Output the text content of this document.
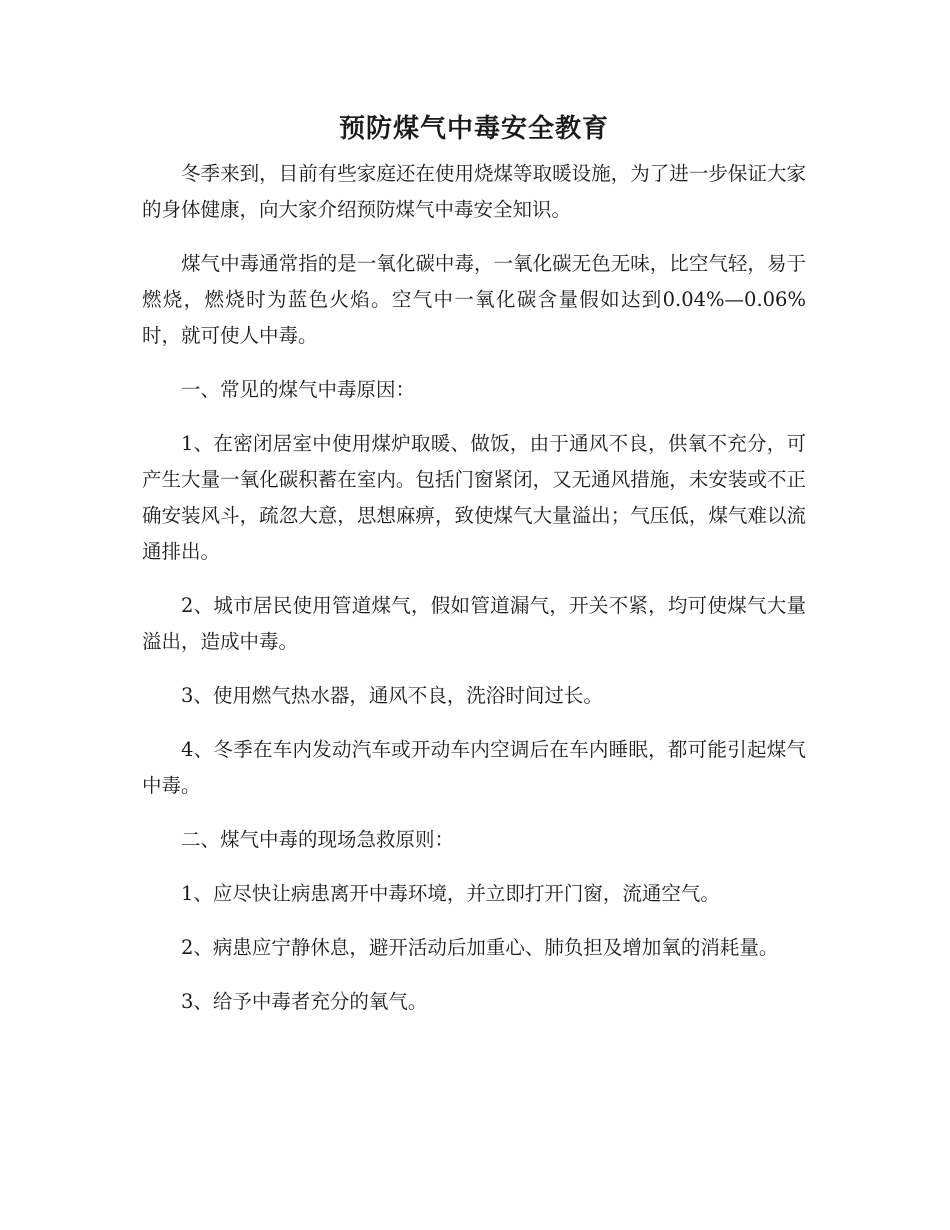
预防煤气中毒安全教育

冬季来到，目前有些家庭还在使用烧煤等取暖设施，为了进一步保证大家的身体健康，向大家介绍预防煤气中毒安全知识。

煤气中毒通常指的是一氧化碳中毒，一氧化碳无色无味，比空气轻，易于燃烧，燃烧时为蓝色火焰。空气中一氧化碳含量假如达到0.04%—0.06%时，就可使人中毒。

一、常见的煤气中毒原因：

1、在密闭居室中使用煤炉取暖、做饭，由于通风不良，供氧不充分，可产生大量一氧化碳积蓄在室内。包括门窗紧闭，又无通风措施，未安装或不正确安装风斗，疏忽大意，思想麻痹，致使煤气大量溢出；气压低，煤气难以流通排出。

2、城市居民使用管道煤气，假如管道漏气，开关不紧，均可使煤气大量溢出，造成中毒。

3、使用燃气热水器，通风不良，洗浴时间过长。

4、冬季在车内发动汽车或开动车内空调后在车内睡眠，都可能引起煤气中毒。

二、煤气中毒的现场急救原则：

1、应尽快让病患离开中毒环境，并立即打开门窗，流通空气。

2、病患应宁静休息，避开活动后加重心、肺负担及增加氧的消耗量。

3、给予中毒者充分的氧气。
